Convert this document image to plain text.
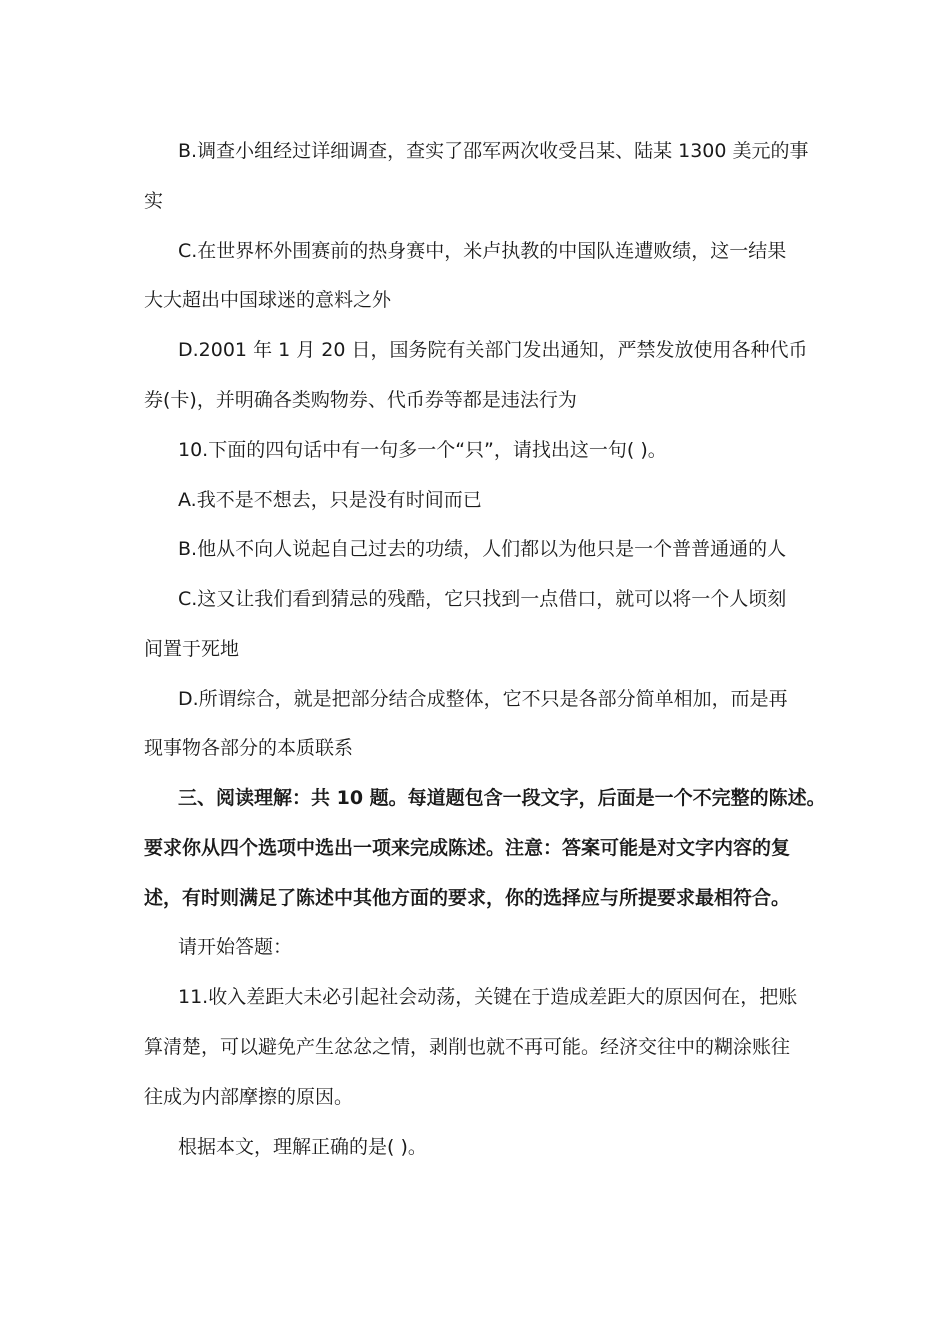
B.调查小组经过详细调查，查实了邵军两次收受吕某、陆某 1300 美元的事
实
C.在世界杯外围赛前的热身赛中，米卢执教的中国队连遭败绩，这一结果
大大超出中国球迷的意料之外
D.2001 年 1 月 20 日，国务院有关部门发出通知，严禁发放使用各种代币
券(卡)，并明确各类购物券、代币券等都是违法行为
10.下面的四句话中有一句多一个“只”，请找出这一句( )。
A.我不是不想去，只是没有时间而已
B.他从不向人说起自己过去的功绩，人们都以为他只是一个普普通通的人
C.这又让我们看到猜忌的残酷，它只找到一点借口，就可以将一个人顷刻
间置于死地
D.所谓综合，就是把部分结合成整体，它不只是各部分简单相加，而是再
现事物各部分的本质联系
三、阅读理解：共 10 题。每道题包含一段文字，后面是一个不完整的陈述。
要求你从四个选项中选出一项来完成陈述。注意：答案可能是对文字内容的复
述，有时则满足了陈述中其他方面的要求，你的选择应与所提要求最相符合。
请开始答题：
11.收入差距大未必引起社会动荡，关键在于造成差距大的原因何在，把账
算清楚，可以避免产生忿忿之情，剥削也就不再可能。经济交往中的糊涂账往
往成为内部摩擦的原因。
根据本文，理解正确的是( )。
